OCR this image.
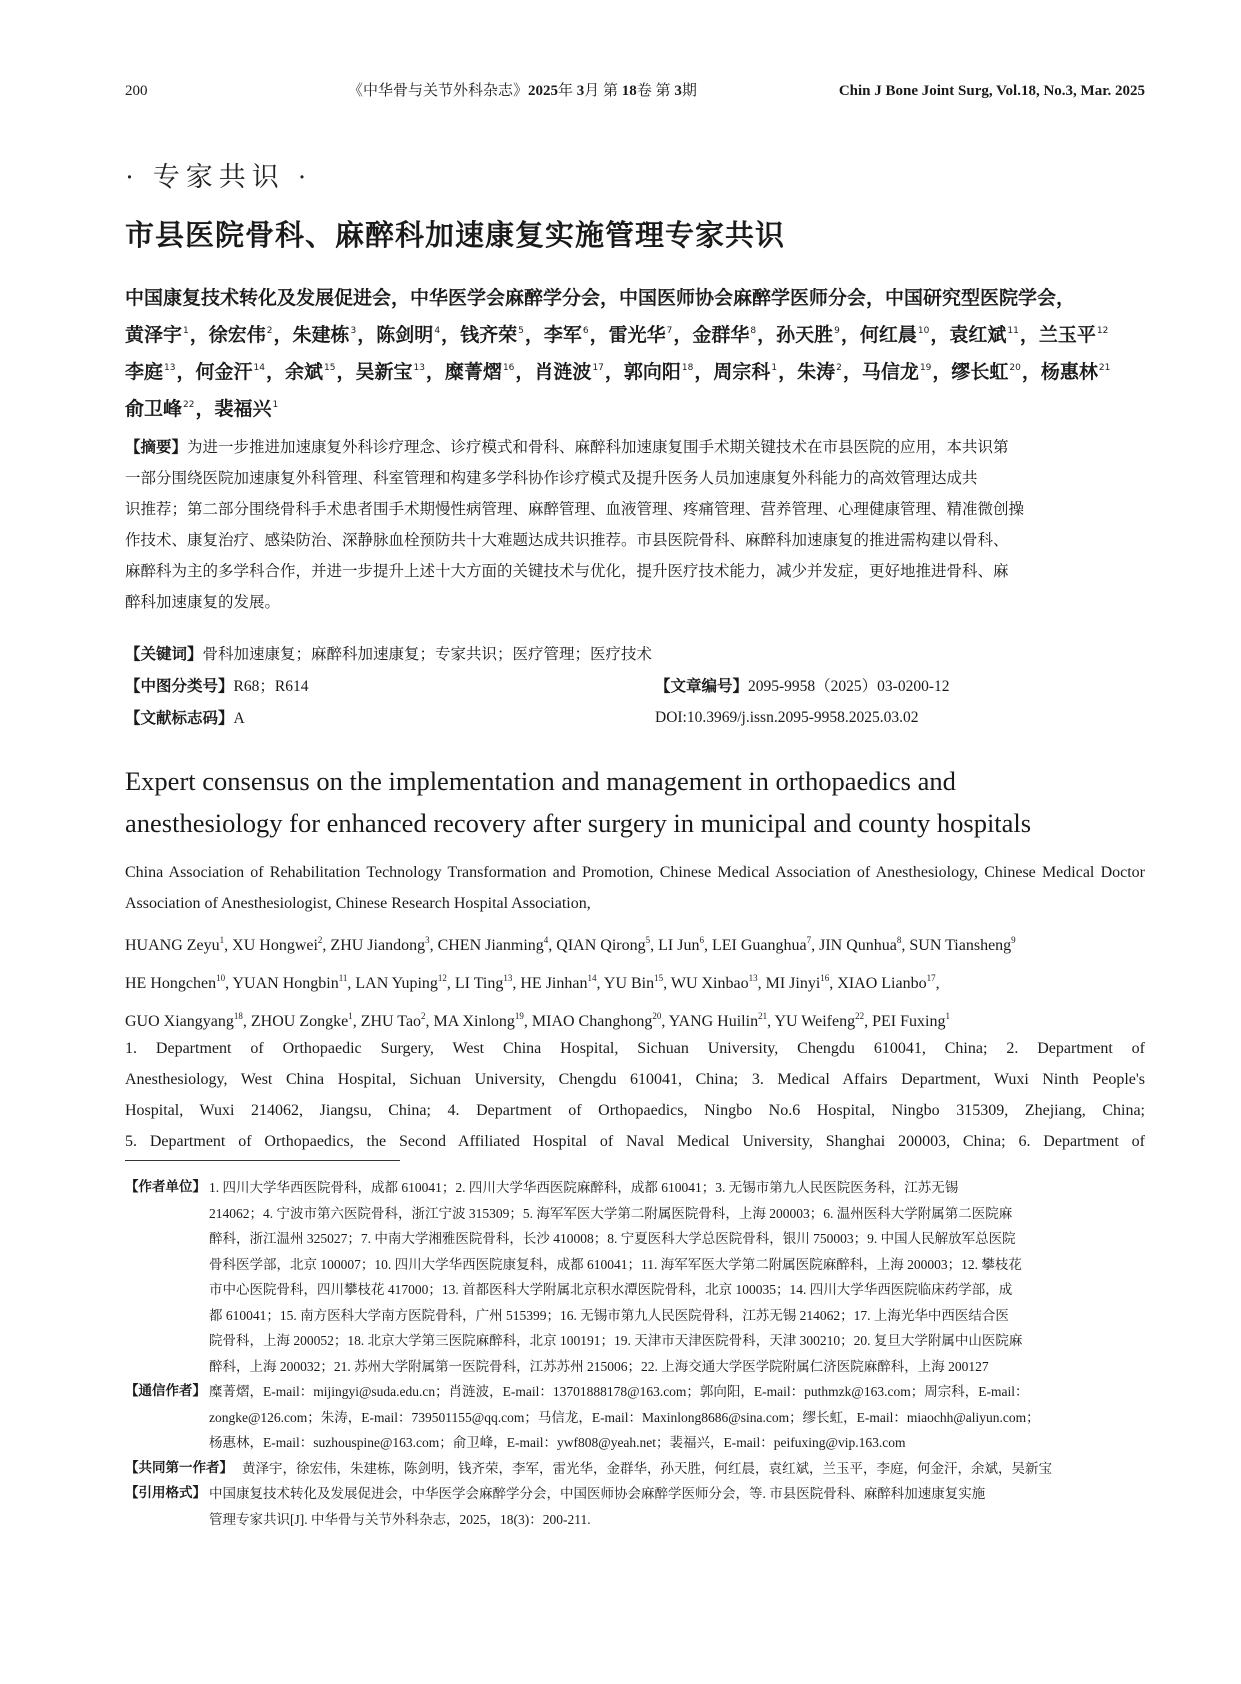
200	《中华骨与关节外科杂志》2025年 3月 第 18卷 第 3期	Chin J Bone Joint Surg, Vol.18, No.3, Mar. 2025
· 专家共识 ·
市县医院骨科、麻醉科加速康复实施管理专家共识
中国康复技术转化及发展促进会，中华医学会麻醉学分会，中国医师协会麻醉学医师分会，中国研究型医院学会，
黄泽宇$^1$，徐宏伟$^2$，朱建栋$^3$，陈剑明$^4$，钱齐荣$^5$，李军$^6$，雷光华$^7$，金群华$^8$，孙天胜$^9$，何红晨$^{10}$，袁红斌$^{11}$，兰玉平$^{12}$
李庭$^{13}$，何金汗$^{14}$，余斌$^{15}$，吴新宝$^{13}$，糜菁熠$^{16}$，肖涟波$^{17}$，郭向阳$^{18}$，周宗科$^1$，朱涛$^2$，马信龙$^{19}$，缪长虹$^{20}$，杨惠林$^{21}$
俞卫峰$^{22}$，裴福兴$^1$
【摘要】为进一步推进加速康复外科诊疗理念、诊疗模式和骨科、麻醉科加速康复围手术期关键技术在市县医院的应用，本共识第
一部分围绕医院加速康复外科管理、科室管理和构建多学科协作诊疗模式及提升医务人员加速康复外科能力的高效管理达成共
识推荐；第二部分围绕骨科手术患者围手术期慢性病管理、麻醉管理、血液管理、疼痛管理、营养管理、心理健康管理、精准微创操
作技术、康复治疗、感染防治、深静脉血栓预防共十大难题达成共识推荐。市县医院骨科、麻醉科加速康复的推进需构建以骨科、
麻醉科为主的多学科合作，并进一步提升上述十大方面的关键技术与优化，提升医疗技术能力，减少并发症，更好地推进骨科、麻
醉科加速康复的发展。
【关键词】骨科加速康复；麻醉科加速康复；专家共识；医疗管理；医疗技术
【中图分类号】R68；R614	【文章编号】2095-9958（2025）03-0200-12
【文献标志码】A	DOI:10.3969/j.issn.2095-9958.2025.03.02
Expert consensus on the implementation and management in orthopaedics and
anesthesiology for enhanced recovery after surgery in municipal and county hospitals
China Association of Rehabilitation Technology Transformation and Promotion, Chinese Medical Association of Anesthesiology, Chinese Medical Doctor Association of Anesthesiologist, Chinese Research Hospital Association,
HUANG Zeyu$^1$, XU Hongwei$^2$, ZHU Jiandong$^3$, CHEN Jianming$^4$, QIAN Qirong$^5$, LI Jun$^6$, LEI Guanghua$^7$, JIN Qunhua$^8$, SUN Tiansheng$^9$
HE Hongchen$^{10}$, YUAN Hongbin$^{11}$, LAN Yuping$^{12}$, LI Ting$^{13}$, HE Jinhan$^{14}$, YU Bin$^{15}$, WU Xinbao$^{13}$, MI Jinyi$^{16}$, XIAO Lianbo$^{17}$,
GUO Xiangyang$^{18}$, ZHOU Zongke$^1$, ZHU Tao$^2$, MA Xinlong$^{19}$, MIAO Changhong$^{20}$, YANG Huilin$^{21}$, YU Weifeng$^{22}$, PEI Fuxing$^1$
1. Department of Orthopaedic Surgery, West China Hospital, Sichuan University, Chengdu 610041, China; 2. Department of
Anesthesiology, West China Hospital, Sichuan University, Chengdu 610041, China; 3. Medical Affairs Department, Wuxi Ninth People's
Hospital, Wuxi 214062, Jiangsu, China; 4. Department of Orthopaedics, Ningbo No.6 Hospital, Ningbo 315309, Zhejiang, China;
5. Department of Orthopaedics, the Second Affiliated Hospital of Naval Medical University, Shanghai 200003, China; 6. Department of
【作者单位】 1. 四川大学华西医院骨科，成都 610041；2. 四川大学华西医院麻醉科，成都 610041；3. 无锡市第九人民医院医务科，江苏无锡
214062；4. 宁波市第六医院骨科，浙江宁波 315309；5. 海军军医大学第二附属医院骨科，上海 200003；6. 温州医科大学附属第二医院麻
醉科，浙江温州 325027；7. 中南大学湘雅医院骨科，长沙 410008；8. 宁夏医科大学总医院骨科，银川 750003；9. 中国人民解放军总医院
骨科医学部，北京 100007；10. 四川大学华西医院康复科，成都 610041；11. 海军军医大学第二附属医院麻醉科，上海 200003；12. 攀枝花
市中心医院骨科，四川攀枝花 417000；13. 首都医科大学附属北京积水潭医院骨科，北京 100035；14. 四川大学华西医院临床药学部，成
都 610041；15. 南方医科大学南方医院骨科，广州 515399；16. 无锡市第九人民医院骨科，江苏无锡 214062；17. 上海光华中西医结合医
院骨科，上海 200052；18. 北京大学第三医院麻醉科，北京 100191；19. 天津市天津医院骨科，天津 300210；20. 复旦大学附属中山医院麻
醉科，上海 200032；21. 苏州大学附属第一医院骨科，江苏苏州 215006；22. 上海交通大学医学院附属仁济医院麻醉科，上海 200127
【通信作者】 糜菁熠，E-mail：mijingyi@suda.edu.cn；肖涟波，E-mail：13701888178@163.com；郭向阳，E-mail：puthmzk@163.com；周宗科，E-mail：
zongke@126.com；朱涛，E-mail：739501155@qq.com；马信龙，E-mail：Maxinlong8686@sina.com；缪长虹，E-mail：miaochh@aliyun.com；
杨惠林，E-mail：suzhouspine@163.com；俞卫峰，E-mail：ywf808@yeah.net；裴福兴，E-mail：peifuxing@vip.163.com
【共同第一作者】 黄泽宇，徐宏伟，朱建栋，陈剑明，钱齐荣，李军，雷光华，金群华，孙天胜，何红晨，袁红斌，兰玉平，李庭，何金汗，余斌，吴新宝
【引用格式】 中国康复技术转化及发展促进会，中华医学会麻醉学分会，中国医师协会麻醉学医师分会，等. 市县医院骨科、麻醉科加速康复实施
管理专家共识[J]. 中华骨与关节外科杂志，2025，18(3)：200-211.
